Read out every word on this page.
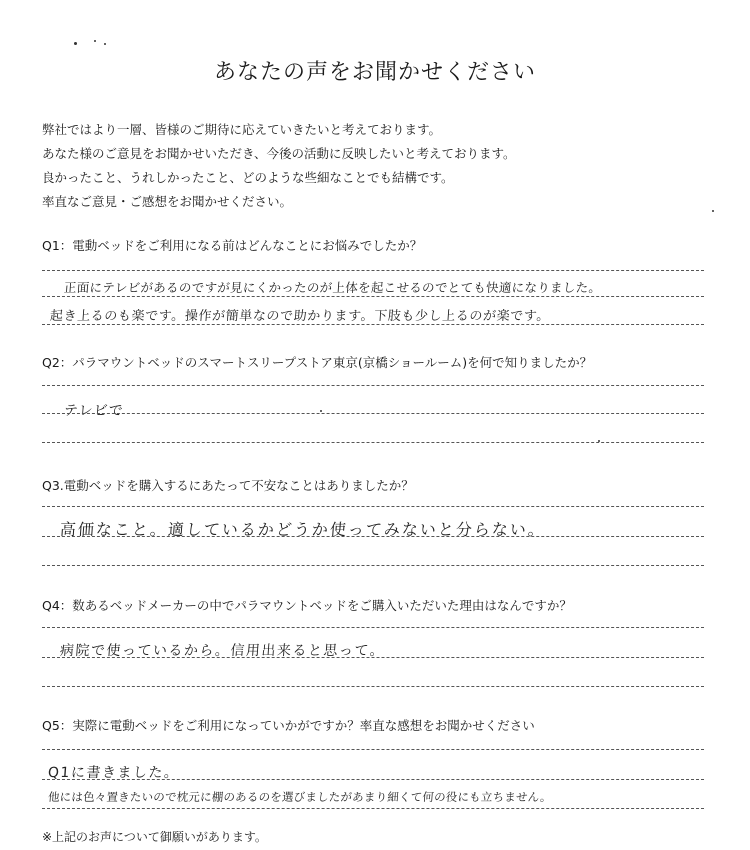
あなたの声をお聞かせください
弊社ではより一層、皆様のご期待に応えていきたいと考えております。
あなた様のご意見をお聞かせいただき、今後の活動に反映したいと考えております。
良かったこと、うれしかったこと、どのような些細なことでも結構です。
率直なご意見・ご感想をお聞かせください。
Q1：電動ベッドをご利用になる前はどんなことにお悩みでしたか？
正面にテレビがあるのですが見にくかったのが上体を起こせるのでとても快適になりました。
起き上るのも楽です。操作が簡単なので助かります。下肢も少し上るのが楽です。
Q2：パラマウントベッドのスマートスリープストア東京(京橋ショールーム)を何で知りましたか？
テレビで
Q3.電動ベッドを購入するにあたって不安なことはありましたか？
高価なこと。適しているかどうか使ってみないと分らない。
Q4：数あるベッドメーカーの中でパラマウントベッドをご購入いただいた理由はなんですか？
病院で使っているから。信用出来ると思って。
Q5：実際に電動ベッドをご利用になっていかがですか？率直な感想をお聞かせください
Q1に書きました。
他には色々置きたいので枕元に棚のあるのを選びましたがあまり細くて何の役にも立ちません。
※上記のお声について御願いがあります。
